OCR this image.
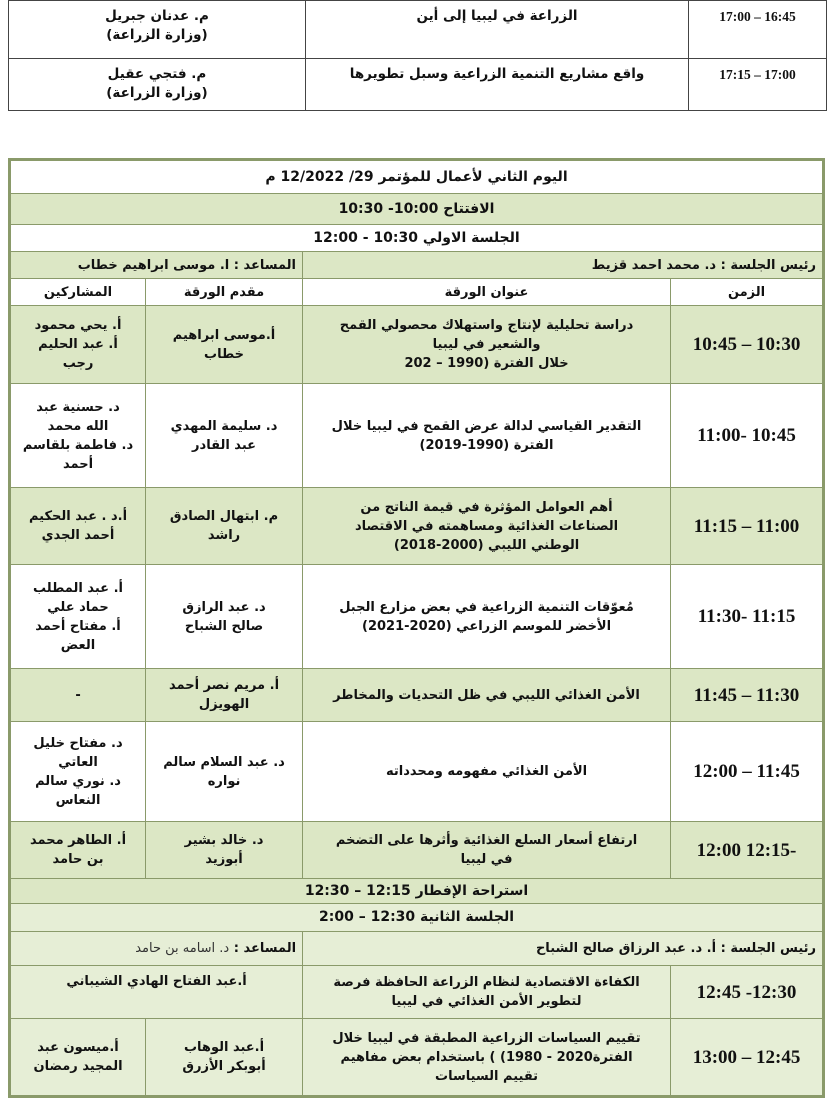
17:00 – 16:45	الزراعة في ليبيا إلى أين	م. عدنان جبريل
(وزارة الزراعة)
17:15 – 17:00	واقع مشاريع التنمية الزراعية وسبل تطويرها	م. فتجي عقيل
(وزارة الزراعة)
اليوم الثاني لأعمال للمؤتمر 29/ 12/2022 م			
الافتتاح 10:00- 10:30			
الجلسة الاولي 10:30 - 12:00			
رئيس الجلسة : د. محمد احمد قزيط		المساعد : ا. موسى ابراهيم خطاب	
الزمن	عنوان الورقة	مقدم الورقة	المشاركين
10:45 – 10:30	دراسة تحليلية لإنتاج واستهلاك محصولي القمح
والشعير في ليبيا
خلال الفترة (1990 – 202	أ.موسى ابراهيم
خطاب	أ. يحي محمود
أ. عبد الحليم
رجب
11:00- 10:45	التقدير القياسي لدالة عرض القمح في ليبيا خلال
الفترة (1990-2019)	د. سليمة المهدي
عبد القادر	د. حسنية عبد
الله محمد
د. فاطمة بلقاسم
أحمد
11:15 – 11:00	أهم العوامل المؤثرة في قيمة الناتج من
الصناعات الغذائية ومساهمته في الاقتصاد
الوطني الليبي (2000-2018)	م. ابتهال الصادق
راشد	أ.د . عبد الحكيم
أحمد الجدي
11:30- 11:15	مُعوّقات التنمية الزراعية في بعض مزارع الجبل
الأخضر للموسم الزراعي (2020-2021)	د. عبد الرازق
صالح الشباح	أ. عبد المطلب
حماد علي
أ. مفتاح أحمد
العض
11:45 – 11:30	الأمن الغذائي الليبي في ظل التحديات والمخاطر	أ. مريم نصر أحمد
الهويزل	-
12:00 – 11:45	الأمن الغذائي مفهومه ومحدداته	د. عبد السلام سالم
نواره	د. مفتاح خليل
العاتي
د. نوري سالم
النعاس
12:00 12:15-	ارتفاع أسعار السلع الغذائية وأثرها على التضخم
في ليبيا	د. خالد بشير
أبوزيد	أ. الطاهر محمد
بن حامد
استراحة الإفطار 12:15 – 12:30			
الجلسة الثانية 12:30 – 2:00			
رئيس الجلسة : أ. د. عبد الرزاق صالح الشباح		المساعد : د. اسامه بن حامد	
12:45 -12:30	الكفاءة الاقتصادية لنظام الزراعة الحافظة فرصة
لتطوير الأمن الغذائي في ليبيا	أ.عبد الفتاح الهادي الشيباني	
13:00 – 12:45	تقييم السياسات الزراعية المطبقة في ليبيا خلال
الفترة2020 - 1980) ) باستخدام بعض مفاهيم
تقييم السياسات	أ.عبد الوهاب
أبوبكر الأزرق	أ.ميسون عبد
المجيد رمضان
